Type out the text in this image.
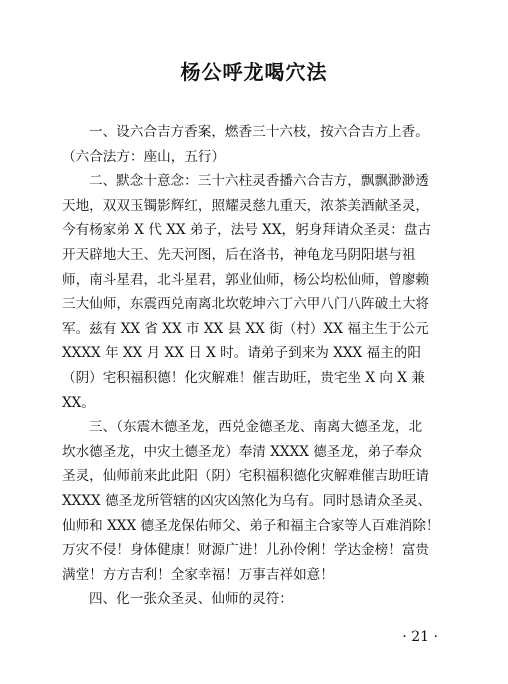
杨公呼龙喝穴法

一、设六合吉方香案，燃香三十六枝，按六合吉方上香。
（六合法方：座山，五行）

二、默念十意念：三十六柱灵香播六合吉方，飘飘渺渺透
天地，双双玉镯影辉红，照耀灵慈九重天，浓茶美酒献圣灵，
今有杨家弟 X 代 XX 弟子，法号 XX，躬身拜请众圣灵：盘古
开天辟地大王、先天河图，后在洛书，神龟龙马阴阳堪与祖
师，南斗星君，北斗星君，郭业仙师，杨公均松仙师，曾廖赖
三大仙师，东震西兑南离北坎乾坤六丁六甲八门八阵破土大将
军。兹有 XX 省 XX 市 XX 县 XX 街（村）XX 福主生于公元
XXXX 年 XX 月 XX 日 X 时。请弟子到来为 XXX 福主的阳
（阴）宅积福积德！化灾解难！催吉助旺，贵宅坐 X 向 X 兼
XX。

三、（东震木德圣龙，西兑金德圣龙、南离大德圣龙，北
坎水德圣龙，中灾土德圣龙）奉清 XXXX 德圣龙，弟子奉众
圣灵，仙师前来此此阳（阴）宅积福积德化灾解难催吉助旺请
XXXX 德圣龙所管辖的凶灾凶煞化为乌有。同时恳请众圣灵、
仙师和 XXX 德圣龙保佑师父、弟子和福主合家等人百难消除！
万灾不侵！身体健康！财源广进！儿孙伶俐！学达金榜！富贵
满堂！方方吉利！全家幸福！万事吉祥如意！

四、化一张众圣灵、仙师的灵符：

· 21 ·
